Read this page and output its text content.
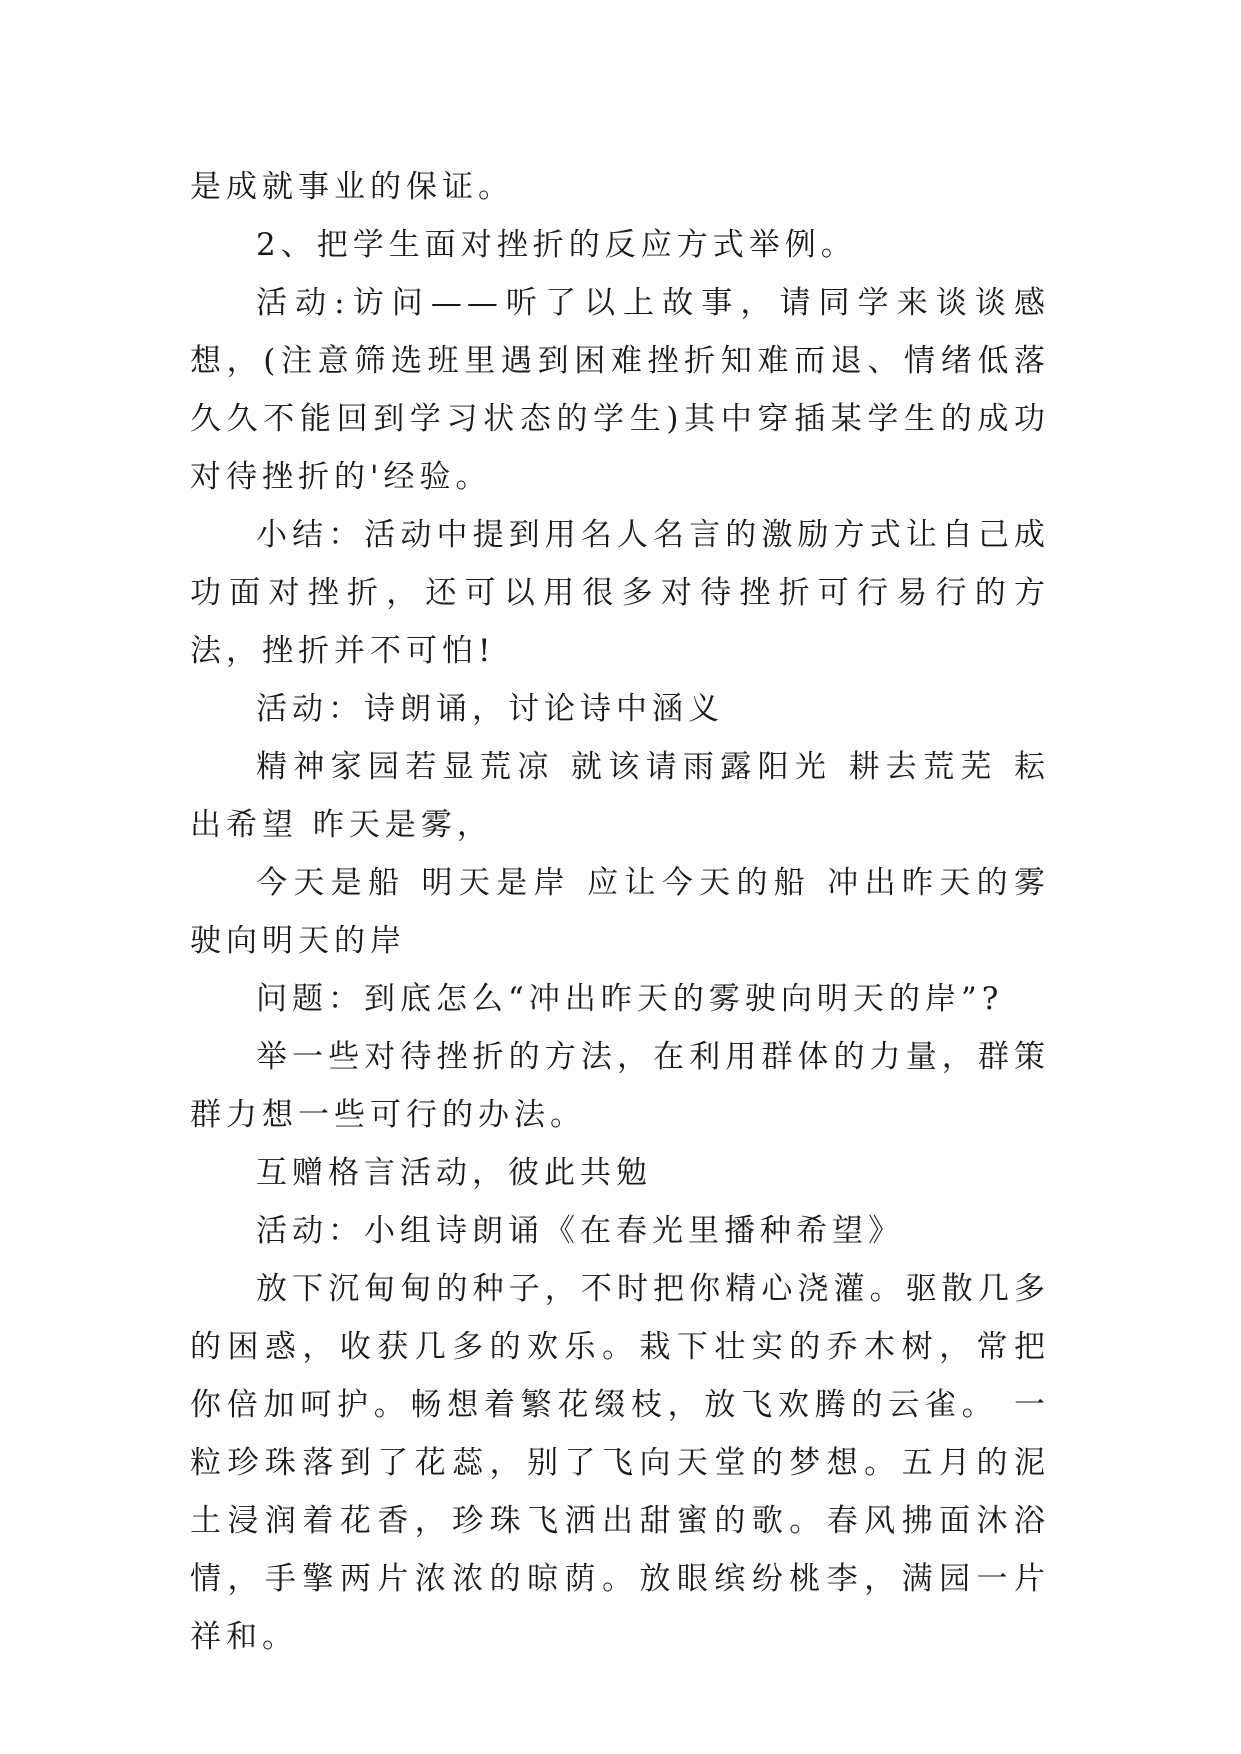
是成就事业的保证。

2、把学生面对挫折的反应方式举例。

活动:访问——听了以上故事，请同学来谈谈感想，(注意筛选班里遇到困难挫折知难而退、情绪低落久久不能回到学习状态的学生)其中穿插某学生的成功对待挫折的'经验。

小结：活动中提到用名人名言的激励方式让自己成功面对挫折，还可以用很多对待挫折可行易行的方法，挫折并不可怕!

活动：诗朗诵，讨论诗中涵义

精神家园若显荒凉 就该请雨露阳光 耕去荒芜 耘出希望 昨天是雾，

今天是船 明天是岸 应让今天的船 冲出昨天的雾 驶向明天的岸

问题：到底怎么“冲出昨天的雾驶向明天的岸”?

举一些对待挫折的方法，在利用群体的力量，群策群力想一些可行的办法。

互赠格言活动，彼此共勉

活动：小组诗朗诵《在春光里播种希望》

放下沉甸甸的种子，不时把你精心浇灌。驱散几多的困惑，收获几多的欢乐。栽下壮实的乔木树，常把你倍加呵护。畅想着繁花缀枝，放飞欢腾的云雀。 一粒珍珠落到了花蕊，别了飞向天堂的梦想。五月的泥土浸润着花香，珍珠飞洒出甜蜜的歌。春风拂面沐浴情，手擎两片浓浓的晾荫。放眼缤纷桃李，满园一片祥和。
